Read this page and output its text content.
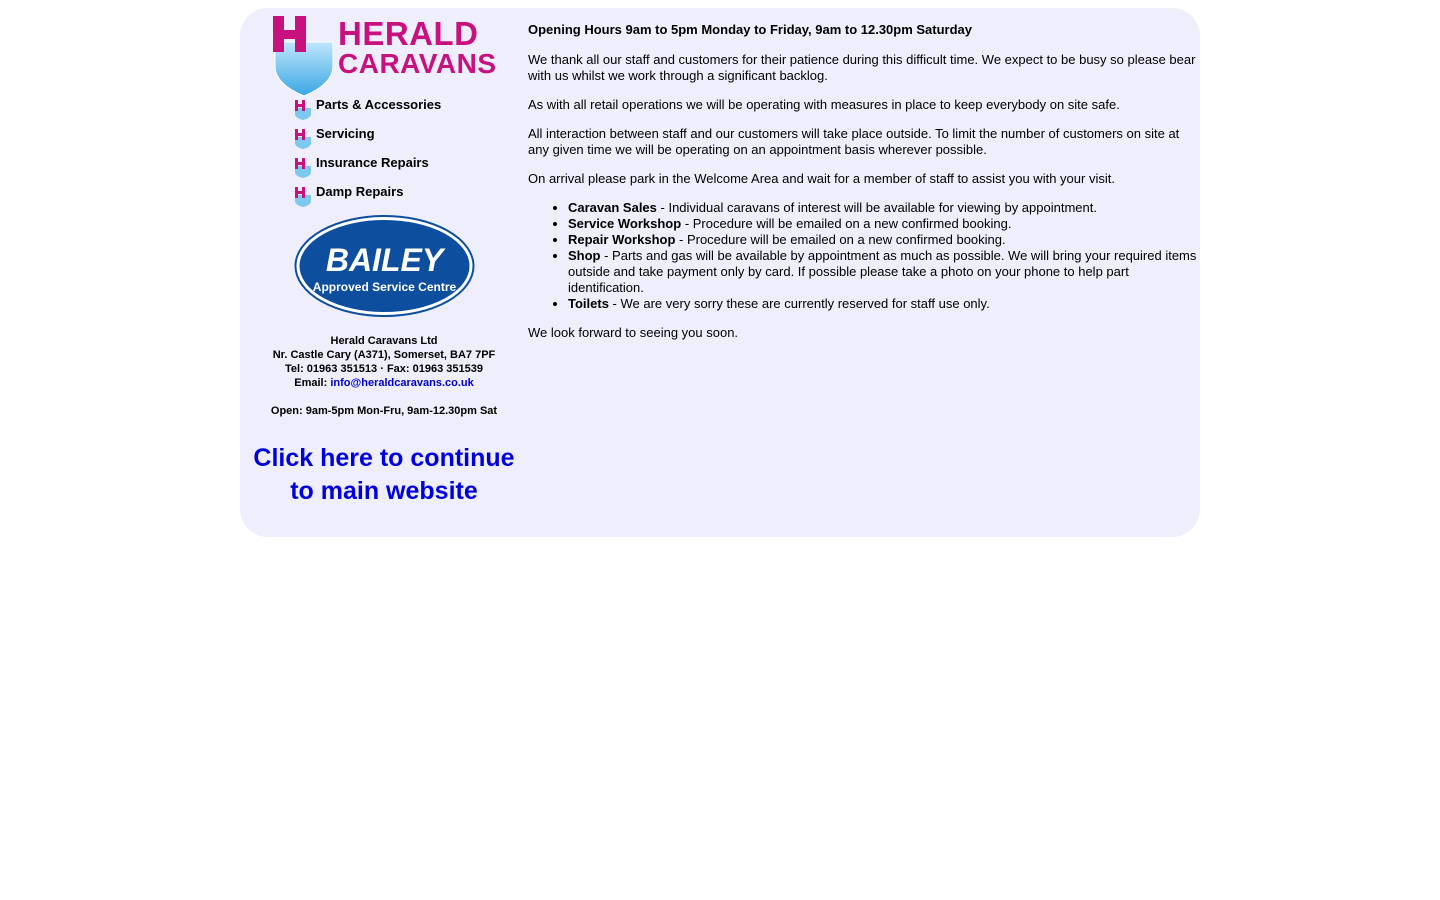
HERALD
CARAVANS
Parts & Accessories
Servicing
Insurance Repairs
Damp Repairs
BAILEY
Approved Service Centre
Herald Caravans Ltd
Nr. Castle Cary (A371), Somerset, BA7 7PF
Tel: 01963 351513 · Fax: 01963 351539
Email: info@heraldcaravans.co.uk
Open: 9am-5pm Mon-Fru, 9am-12.30pm Sat
Click here to continue
to main website

Opening Hours 9am to 5pm Monday to Friday, 9am to 12.30pm Saturday

We thank all our staff and customers for their patience during this difficult time. We expect to be busy so please bear with us whilst we work through a significant backlog.

As with all retail operations we will be operating with measures in place to keep everybody on site safe.

All interaction between staff and our customers will take place outside. To limit the number of customers on site at any given time we will be operating on an appointment basis wherever possible.

On arrival please park in the Welcome Area and wait for a member of staff to assist you with your visit.

• Caravan Sales - Individual caravans of interest will be available for viewing by appointment.
• Service Workshop - Procedure will be emailed on a new confirmed booking.
• Repair Workshop - Procedure will be emailed on a new confirmed booking.
• Shop - Parts and gas will be available by appointment as much as possible. We will bring your required items outside and take payment only by card. If possible please take a photo on your phone to help part identification.
• Toilets - We are very sorry these are currently reserved for staff use only.

We look forward to seeing you soon.
